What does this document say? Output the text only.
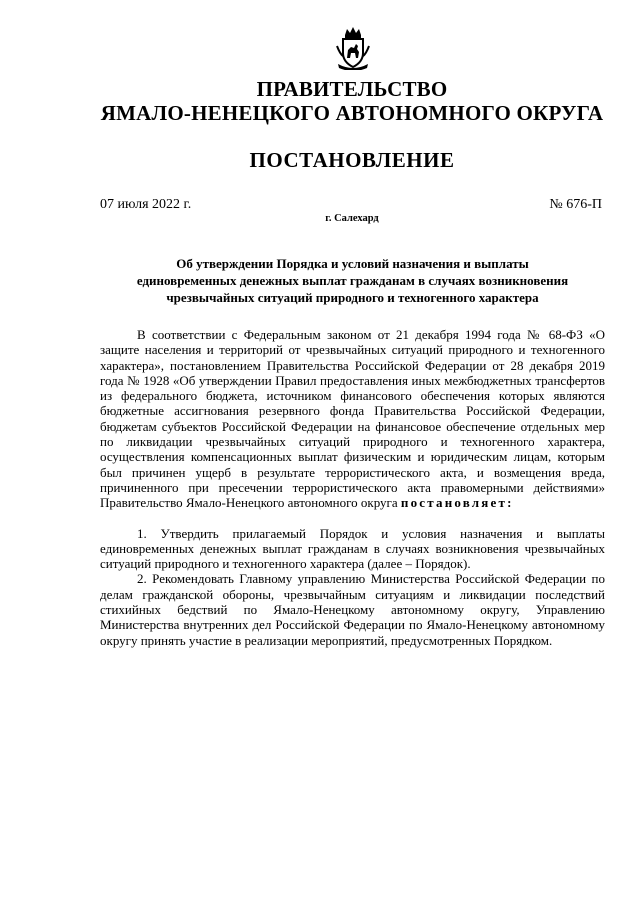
ПРАВИТЕЛЬСТВО
ЯМАЛО-НЕНЕЦКОГО АВТОНОМНОГО ОКРУГА
ПОСТАНОВЛЕНИЕ
07 июля 2022 г.	№ 676-П
г. Салехард
Об утверждении Порядка и условий назначения и выплаты
единовременных денежных выплат гражданам в случаях возникновения
чрезвычайных ситуаций природного и техногенного характера

В соответствии с Федеральным законом от 21 декабря 1994 года № 68-ФЗ «О защите населения и территорий от чрезвычайных ситуаций природного и техногенного характера», постановлением Правительства Российской Федерации от 28 декабря 2019 года № 1928 «Об утверждении Правил предоставления иных межбюджетных трансфертов из федерального бюджета, источником финансового обеспечения которых являются бюджетные ассигнования резервного фонда Правительства Российской Федерации, бюджетам субъектов Российской Федерации на финансовое обеспечение отдельных мер по ликвидации чрезвычайных ситуаций природного и техногенного характера, осуществления компенсационных выплат физическим и юридическим лицам, которым был причинен ущерб в результате террористического акта, и возмещения вреда, причиненного при пресечении террористического акта правомерными действиями» Правительство Ямало-Ненецкого автономного округа постановляет:

1. Утвердить прилагаемый Порядок и условия назначения и выплаты единовременных денежных выплат гражданам в случаях возникновения чрезвычайных ситуаций природного и техногенного характера (далее – Порядок).

2. Рекомендовать Главному управлению Министерства Российской Федерации по делам гражданской обороны, чрезвычайным ситуациям и ликвидации последствий стихийных бедствий по Ямало-Ненецкому автономному округу, Управлению Министерства внутренних дел Российской Федерации по Ямало-Ненецкому автономному округу принять участие в реализации мероприятий, предусмотренных Порядком.
